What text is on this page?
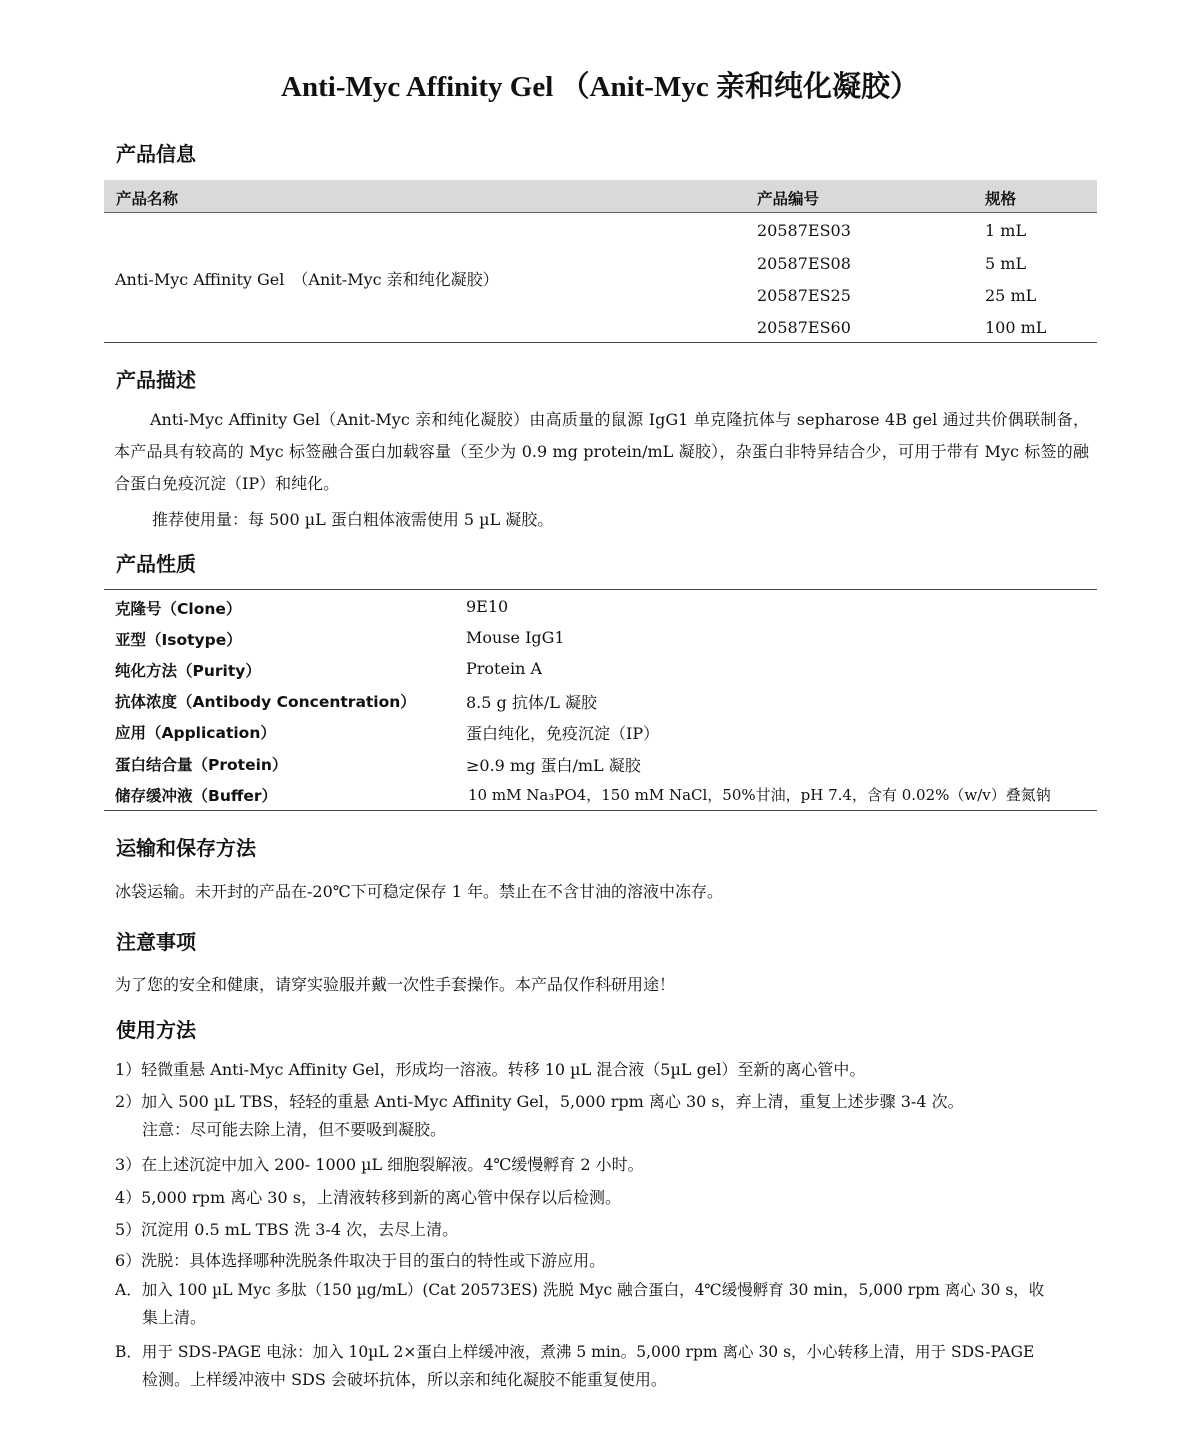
Anti-Myc Affinity Gel （Anit-Myc 亲和纯化凝胶）
产品信息
产品名称	产品编号	规格
Anti-Myc Affinity Gel　（Anit-Myc 亲和纯化凝胶）
20587ES03	1 mL
20587ES08	5 mL
20587ES25	25 mL
20587ES60	100 mL
产品描述
Anti-Myc Affinity Gel（Anit-Myc 亲和纯化凝胶）由高质量的鼠源 IgG1 单克隆抗体与 sepharose 4B gel 通过共价偶联制备，本产品具有较高的 Myc 标签融合蛋白加载容量（至少为 0.9 mg protein/mL 凝胶），杂蛋白非特异结合少，可用于带有 Myc 标签的融合蛋白免疫沉淀（IP）和纯化。
推荐使用量：每 500 µL 蛋白粗体液需使用 5 µL 凝胶。
产品性质
克隆号（Clone）	9E10
亚型（Isotype）	Mouse IgG1
纯化方法（Purity）	Protein A
抗体浓度（Antibody Concentration）	8.5 g 抗体/L 凝胶
应用（Application）	蛋白纯化，免疫沉淀（IP）
蛋白结合量（Protein）	≥0.9 mg 蛋白/mL 凝胶
储存缓冲液（Buffer）	10 mM Na₃PO4，150 mM NaCl，50%甘油，pH 7.4，含有 0.02%（w/v）叠氮钠
运输和保存方法
冰袋运输。未开封的产品在-20℃下可稳定保存 1 年。禁止在不含甘油的溶液中冻存。
注意事项
为了您的安全和健康，请穿实验服并戴一次性手套操作。本产品仅作科研用途！
使用方法
1）轻微重悬 Anti-Myc Affinity Gel，形成均一溶液。转移 10 µL 混合液（5µL gel）至新的离心管中。
2）加入 500 µL TBS，轻轻的重悬 Anti-Myc Affinity Gel，5,000 rpm 离心 30 s，弃上清，重复上述步骤 3-4 次。
注意：尽可能去除上清，但不要吸到凝胶。
3）在上述沉淀中加入 200- 1000 µL 细胞裂解液。4℃缓慢孵育 2 小时。
4）5,000 rpm 离心 30 s，上清液转移到新的离心管中保存以后检测。
5）沉淀用 0.5 mL TBS 洗 3-4 次，去尽上清。
6）洗脱：具体选择哪种洗脱条件取决于目的蛋白的特性或下游应用。
A．加入 100 µL Myc 多肽（150 µg/mL）(Cat 20573ES) 洗脱 Myc 融合蛋白，4℃缓慢孵育 30 min，5,000 rpm 离心 30 s，收
集上清。
B．用于 SDS-PAGE 电泳：加入 10µL 2×蛋白上样缓冲液，煮沸 5 min。5,000 rpm 离心 30 s，小心转移上清，用于 SDS-PAGE
检测。上样缓冲液中 SDS 会破坏抗体，所以亲和纯化凝胶不能重复使用。
